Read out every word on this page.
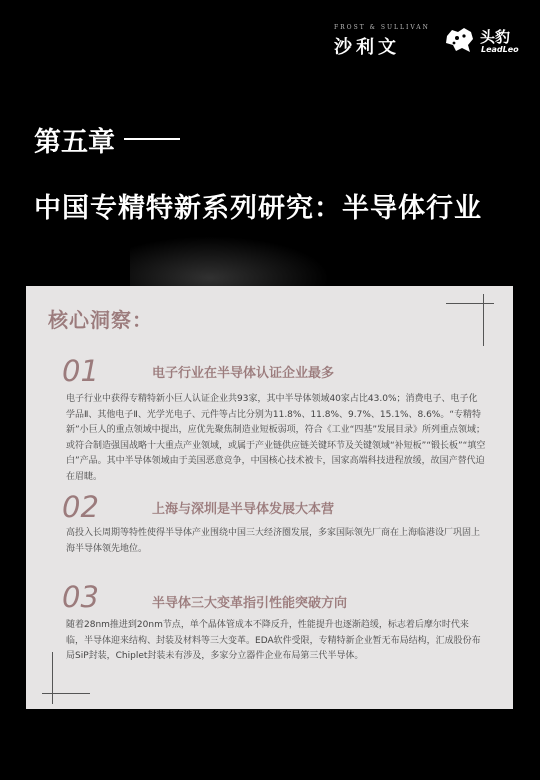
FROST & SULLIVAN
沙利文	头豹
LeadLeo
第五章
中国专精特新系列研究：半导体行业
核心洞察：
01	电子行业在半导体认证企业最多
电子行业中获得专精特新小巨人认证企业共93家，其中半导体领域40家占比43.0%；消费电子、电子化学品Ⅱ、其他电子Ⅱ、光学光电子、元件等占比分别为11.8%、11.8%、9.7%、15.1%、8.6%。“专精特新”小巨人的重点领域中提出，应优先聚焦制造业短板弱项，符合《工业“四基”发展目录》所列重点领域；或符合制造强国战略十大重点产业领域，或属于产业链供应链关键环节及关键领域“补短板”“锻长板”“填空白”产品。其中半导体领域由于美国恶意竞争，中国核心技术被卡，国家高端科技进程放缓，故国产替代迫在眉睫。
02	上海与深圳是半导体发展大本营
高投入长周期等特性使得半导体产业围绕中国三大经济圈发展，多家国际领先厂商在上海临港设厂巩固上海半导体领先地位。
03	半导体三大变革指引性能突破方向
随着28nm推进到20nm节点，单个晶体管成本不降反升，性能提升也逐渐趋缓，标志着后摩尔时代来临，半导体迎来结构、封装及材料等三大变革。EDA软件受限，专精特新企业暂无布局结构，汇成股份布局SiP封装，Chiplet封装未有涉及，多家分立器件企业布局第三代半导体。
